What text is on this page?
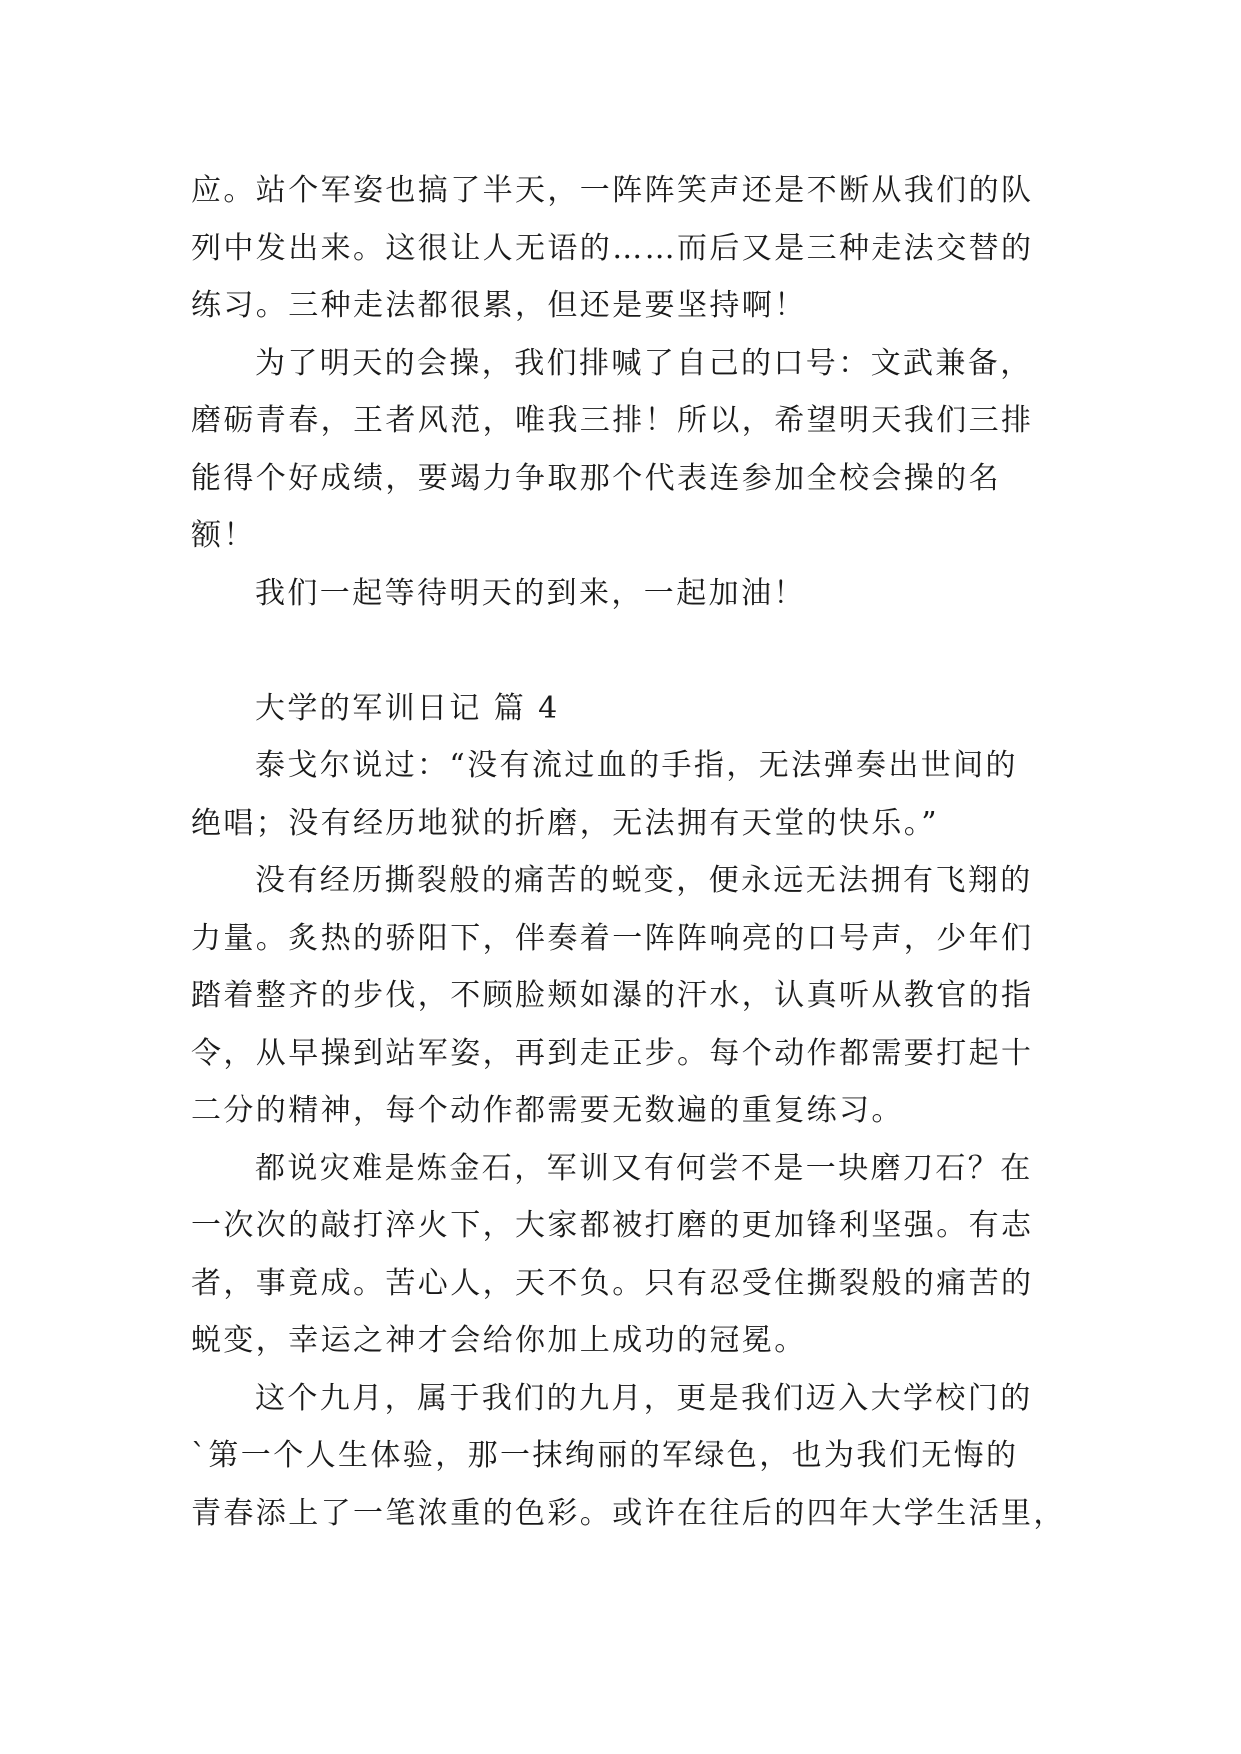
应。站个军姿也搞了半天，一阵阵笑声还是不断从我们的队
列中发出来。这很让人无语的……而后又是三种走法交替的
练习。三种走法都很累，但还是要坚持啊！
为了明天的会操，我们排喊了自己的口号：文武兼备，
磨砺青春，王者风范，唯我三排！所以，希望明天我们三排
能得个好成绩，要竭力争取那个代表连参加全校会操的名
额！
我们一起等待明天的到来，一起加油！
大学的军训日记 篇 4
泰戈尔说过：“没有流过血的手指，无法弹奏出世间的
绝唱；没有经历地狱的折磨，无法拥有天堂的快乐。”
没有经历撕裂般的痛苦的蜕变，便永远无法拥有飞翔的
力量。炙热的骄阳下，伴奏着一阵阵响亮的口号声，少年们
踏着整齐的步伐，不顾脸颊如瀑的汗水，认真听从教官的指
令，从早操到站军姿，再到走正步。每个动作都需要打起十
二分的精神，每个动作都需要无数遍的重复练习。
都说灾难是炼金石，军训又有何尝不是一块磨刀石？在
一次次的敲打淬火下，大家都被打磨的更加锋利坚强。有志
者，事竟成。苦心人，天不负。只有忍受住撕裂般的痛苦的
蜕变，幸运之神才会给你加上成功的冠冕。
这个九月，属于我们的九月，更是我们迈入大学校门的
`第一个人生体验，那一抹绚丽的军绿色，也为我们无悔的
青春添上了一笔浓重的色彩。或许在往后的四年大学生活里，
